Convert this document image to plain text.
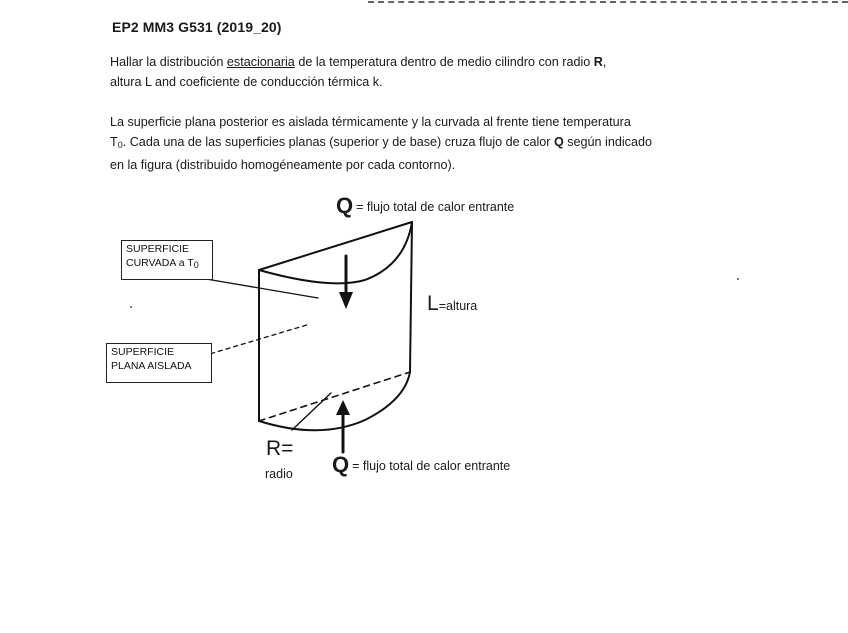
EP2 MM3 G531 (2019_20)
Hallar la distribución estacionaria de la temperatura dentro de medio cilindro con radio R,
altura L and coeficiente de conducción térmica k.
La superficie plana posterior es aislada térmicamente y la curvada al frente tiene temperatura
$T_0$. Cada una de las superficies planas (superior y de base) cruza flujo de calor Q según indicado
en la figura (distribuido homogéneamente por cada contorno).
SUPERFICIE
CURVADA a T0
SUPERFICIE
PLANA AISLADA
Q = flujo total de calor entrante
Q = flujo total de calor entrante
L=altura
R=
radio
